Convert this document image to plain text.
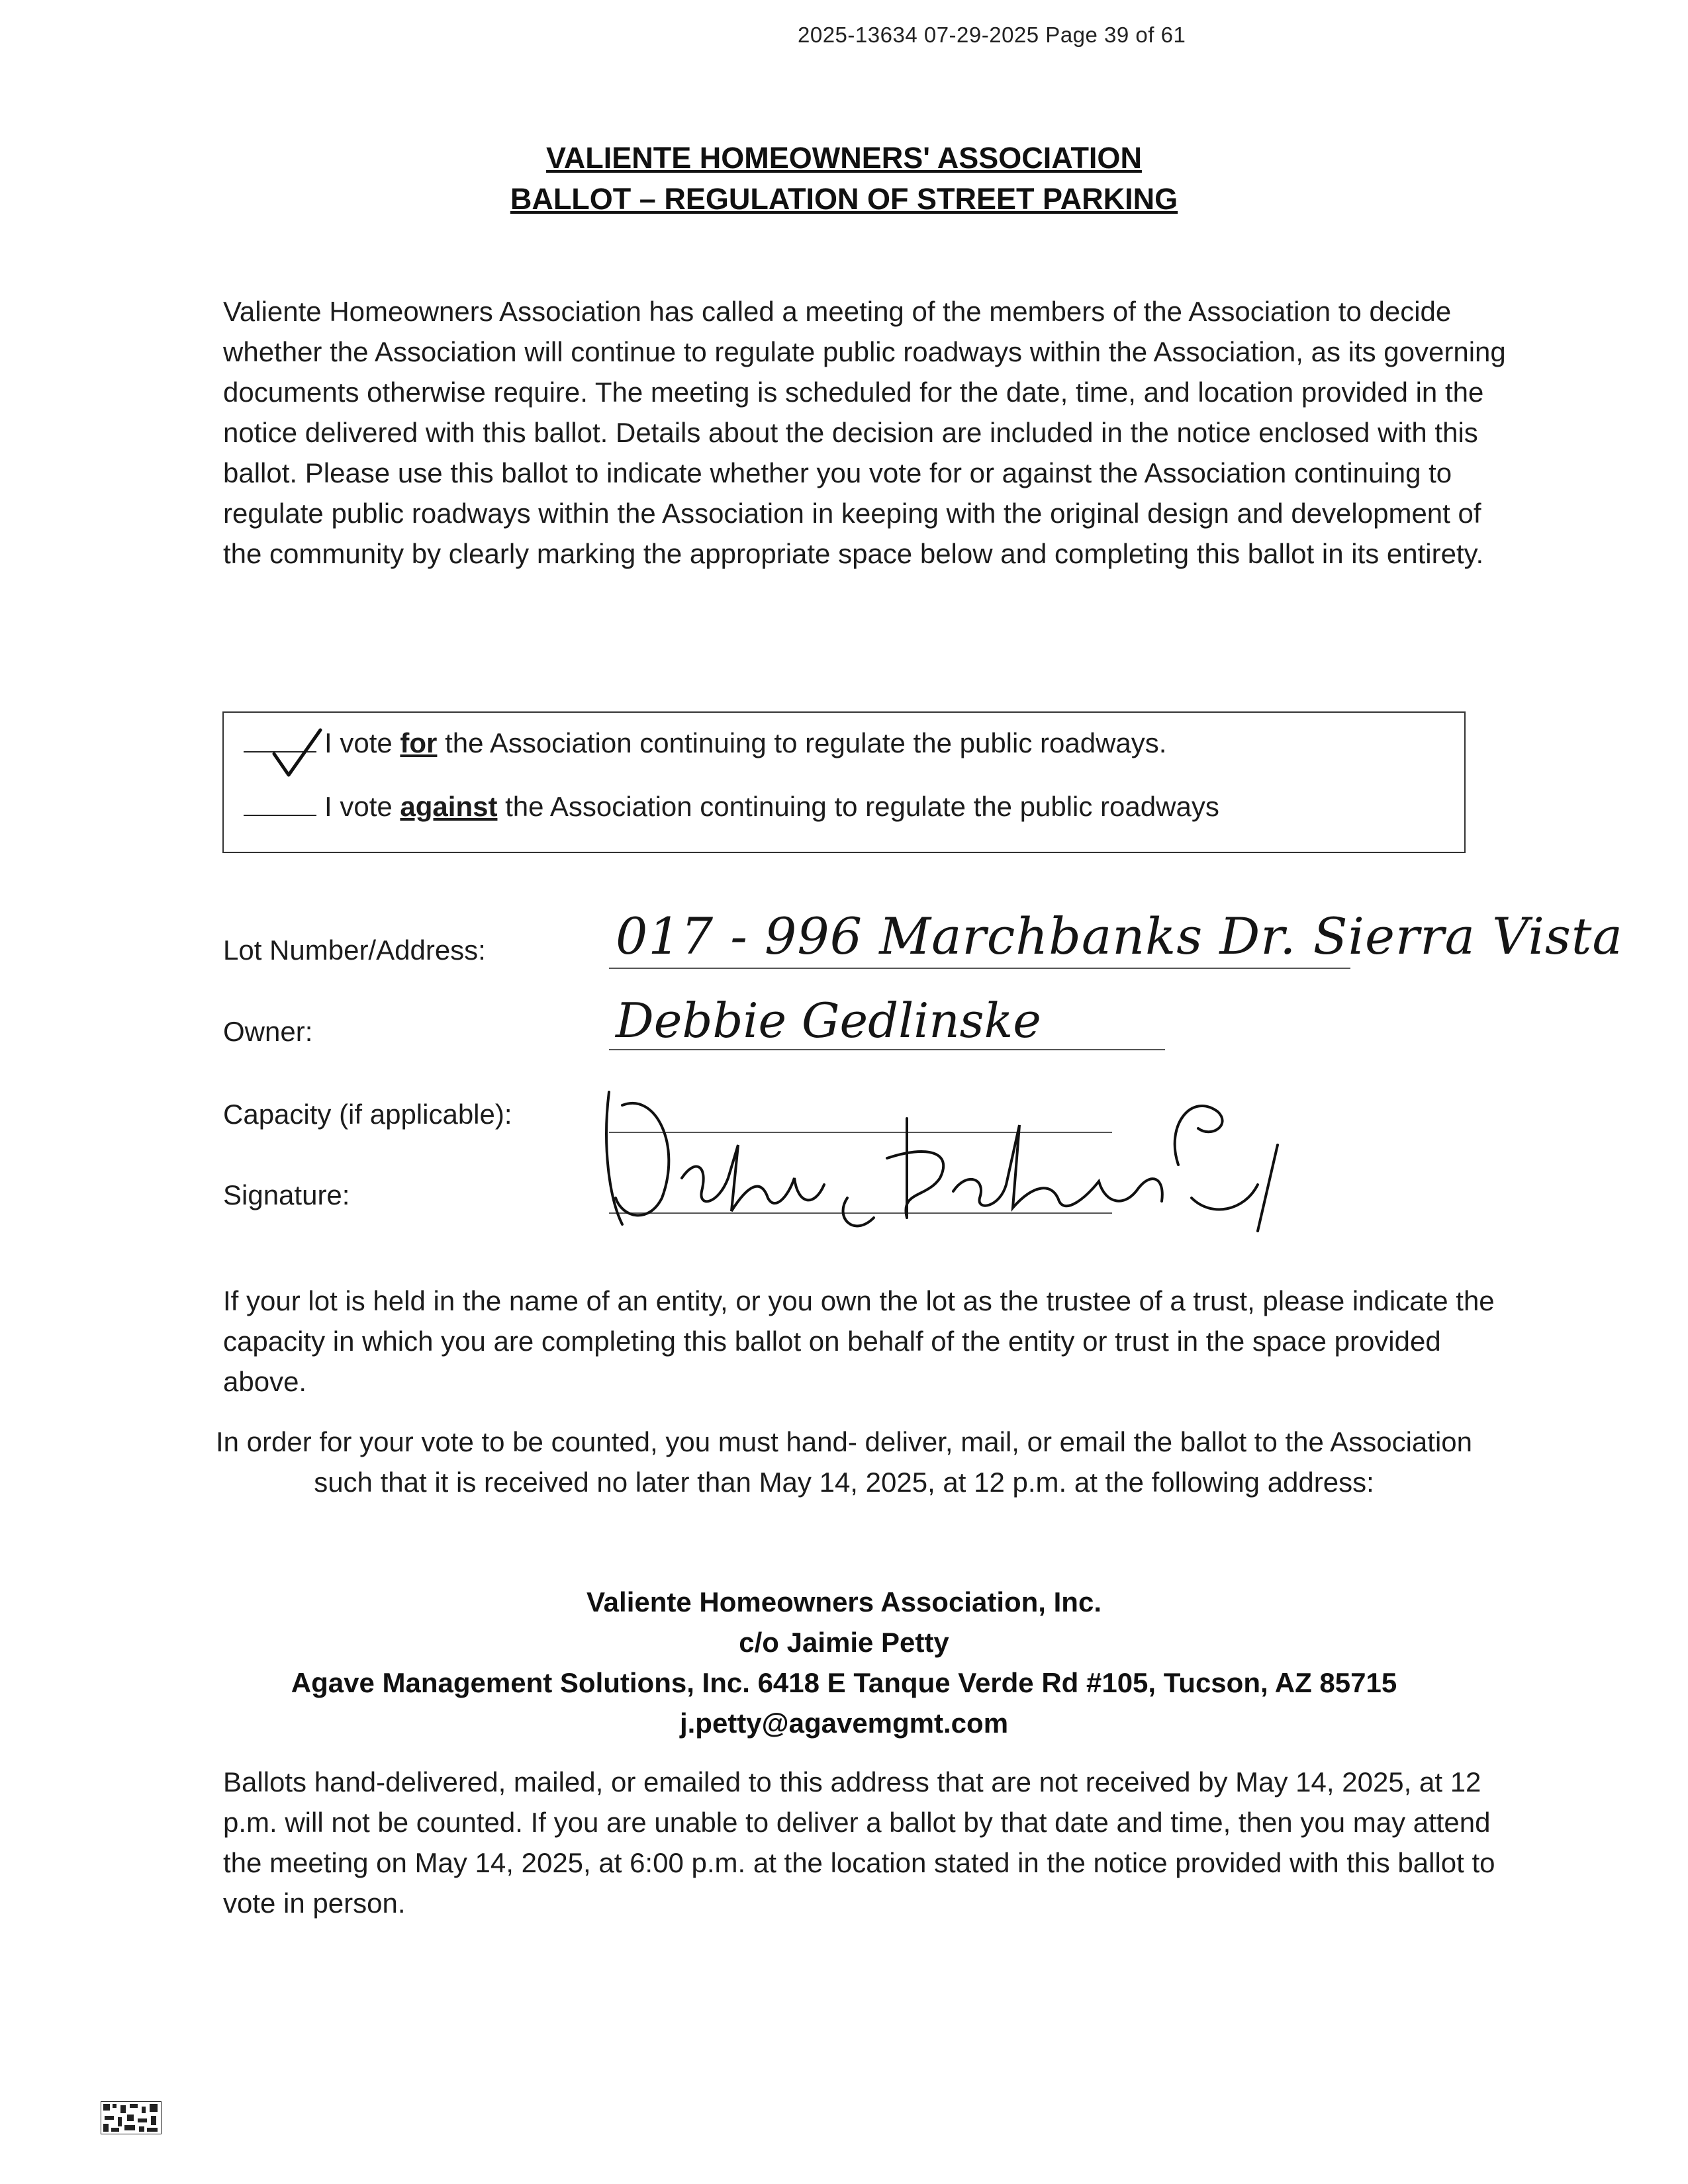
2025-13634 07-29-2025 Page 39 of 61
VALIENTE HOMEOWNERS' ASSOCIATION
BALLOT – REGULATION OF STREET PARKING
Valiente Homeowners Association has called a meeting of the members of the Association to decide whether the Association will continue to regulate public roadways within the Association, as its governing documents otherwise require. The meeting is scheduled for the date, time, and location provided in the notice delivered with this ballot. Details about the decision are included in the notice enclosed with this ballot. Please use this ballot to indicate whether you vote for or against the Association continuing to regulate public roadways within the Association in keeping with the original design and development of the community by clearly marking the appropriate space below and completing this ballot in its entirety.
I vote for the Association continuing to regulate the public roadways.
I vote against the Association continuing to regulate the public roadways
Lot Number/Address:	017 - 996 Marchbanks Dr. Sierra Vista
Owner:	Debbie Gedlinske
Capacity (if applicable):
Signature:
If your lot is held in the name of an entity, or you own the lot as the trustee of a trust, please indicate the capacity in which you are completing this ballot on behalf of the entity or trust in the space provided above.
In order for your vote to be counted, you must hand- deliver, mail, or email the ballot to the Association such that it is received no later than May 14, 2025, at 12 p.m. at the following address:
Valiente Homeowners Association, Inc.
c/o Jaimie Petty
Agave Management Solutions, Inc. 6418 E Tanque Verde Rd #105, Tucson, AZ 85715
j.petty@agavemgmt.com
Ballots hand-delivered, mailed, or emailed to this address that are not received by May 14, 2025, at 12 p.m. will not be counted. If you are unable to deliver a ballot by that date and time, then you may attend the meeting on May 14, 2025, at 6:00 p.m. at the location stated in the notice provided with this ballot to vote in person.
